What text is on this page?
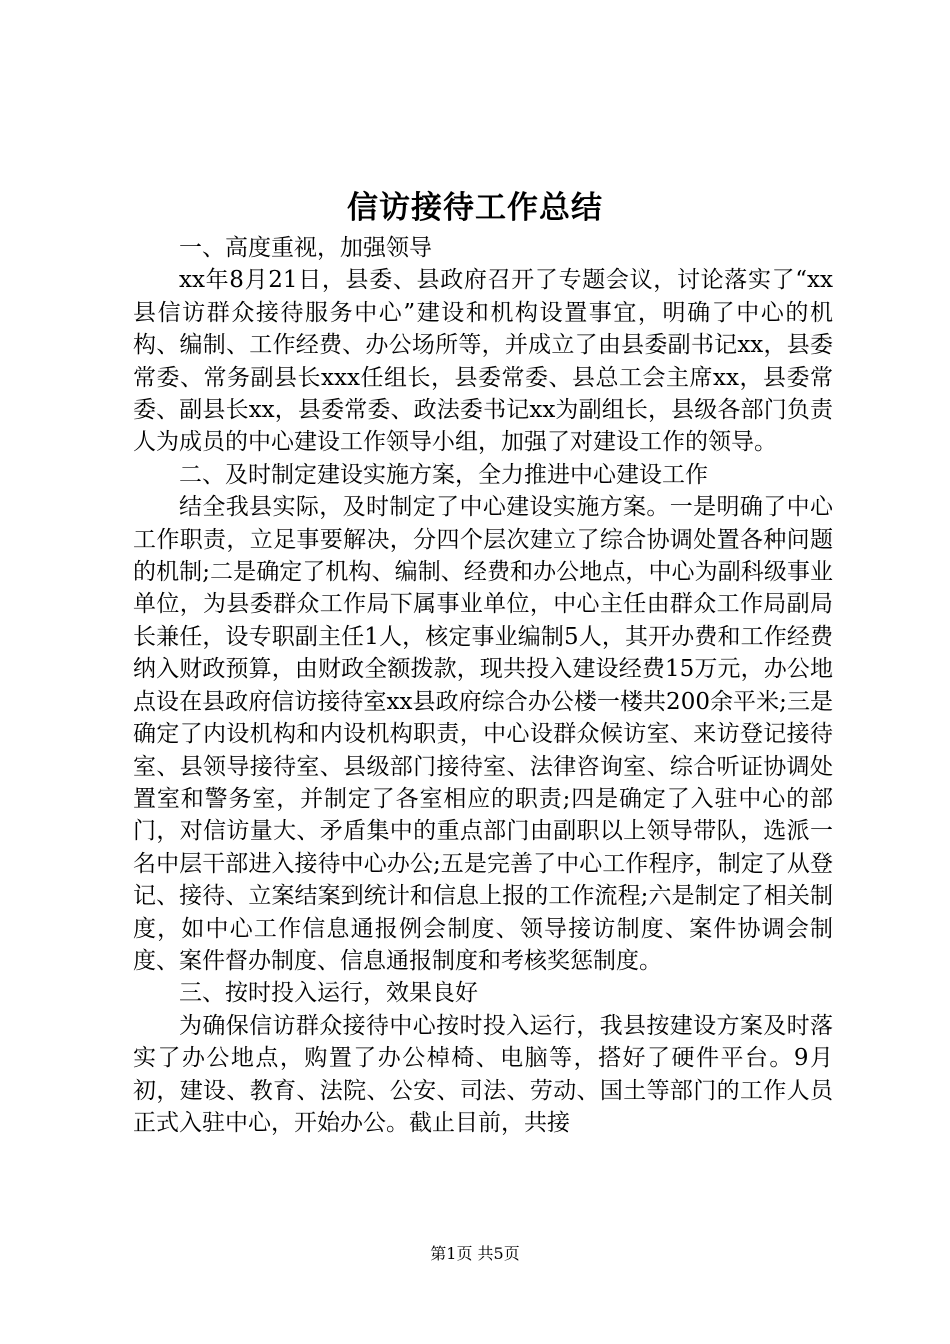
信访接待工作总结

一、高度重视，加强领导

xx年8月21日，县委、县政府召开了专题会议，讨论落实了“xx县信访群众接待服务中心”建设和机构设置事宜，明确了中心的机构、编制、工作经费、办公场所等，并成立了由县委副书记xx，县委常委、常务副县长xxx任组长，县委常委、县总工会主席xx，县委常委、副县长xx，县委常委、政法委书记xx为副组长，县级各部门负责人为成员的中心建设工作领导小组，加强了对建设工作的领导。

二、及时制定建设实施方案，全力推进中心建设工作

结全我县实际，及时制定了中心建设实施方案。一是明确了中心工作职责，立足事要解决，分四个层次建立了综合协调处置各种问题的机制;二是确定了机构、编制、经费和办公地点，中心为副科级事业单位，为县委群众工作局下属事业单位，中心主任由群众工作局副局长兼任，设专职副主任1人，核定事业编制5人，其开办费和工作经费纳入财政预算，由财政全额拨款，现共投入建设经费15万元，办公地点设在县政府信访接待室xx县政府综合办公楼一楼共200余平米;三是确定了内设机构和内设机构职责，中心设群众候访室、来访登记接待室、县领导接待室、县级部门接待室、法律咨询室、综合听证协调处置室和警务室，并制定了各室相应的职责;四是确定了入驻中心的部门，对信访量大、矛盾集中的重点部门由副职以上领导带队，选派一名中层干部进入接待中心办公;五是完善了中心工作程序，制定了从登记、接待、立案结案到统计和信息上报的工作流程;六是制定了相关制度，如中心工作信息通报例会制度、领导接访制度、案件协调会制度、案件督办制度、信息通报制度和考核奖惩制度。

三、按时投入运行，效果良好

为确保信访群众接待中心按时投入运行，我县按建设方案及时落实了办公地点，购置了办公棹椅、电脑等，搭好了硬件平台。9月初，建设、教育、法院、公安、司法、劳动、国土等部门的工作人员正式入驻中心，开始办公。截止目前，共接

第1页 共5页
